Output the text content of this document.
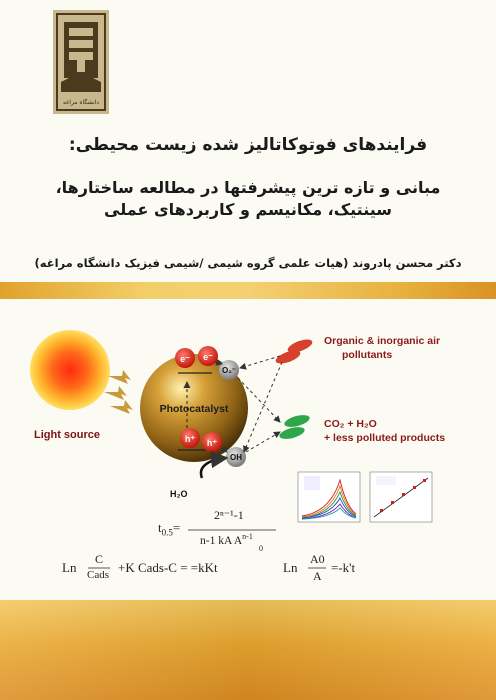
دانشگاه مراغه
فرایندهای فوتوکاتالیز شده زیست محیطی:
مبانی و تازه ترین پیشرفتها در مطالعه ساختارها،
سینتیک، مکانیسم و کاربردهای عملی
دکتر محسن پادروند (هیات علمی گروه شیمی /شیمی فیزیک دانشگاه مراغه)
e⁻ e⁻
h⁺ h⁺
Photocatalyst
O₂⁻
OH
H₂O
Light source
Organic & inorganic air
pollutants
CO₂ + H₂O
+ less polluted products
$t_{0.5}=$
2ⁿ⁻¹-1
n-1 kA $A^{n-1}$
0
Ln
C
Cads +K Cads-C = =kKt	Ln
A0
A
=-k't
